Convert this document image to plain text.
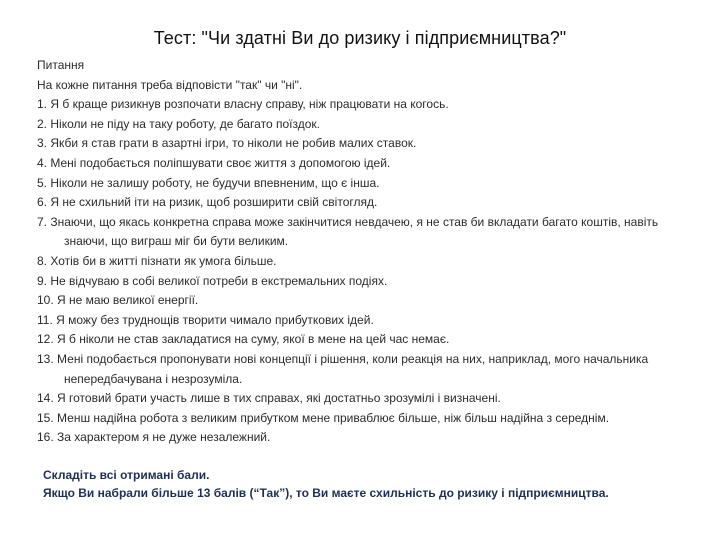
Тест: "Чи здатні Ви до ризику і підприємництва?"
Питання
На кожне питання треба відповісти "так" чи "ні".
1. Я б краще ризикнув розпочати власну справу, ніж працювати на когось.
2. Ніколи не піду на таку роботу, де багато поїздок.
3. Якби я став грати в азартні ігри, то ніколи не робив малих ставок.
4. Мені подобається поліпшувати своє життя з допомогою ідей.
5. Ніколи не залишу роботу, не будучи впевненим, що є інша.
6. Я не схильний іти на ризик, щоб розширити свій світогляд.
7. Знаючи, що якась конкретна справа може закінчитися невдачею, я не став би вкладати багато коштів, навіть знаючи, що виграш міг би бути великим.
8. Хотів би в житті пізнати як умога більше.
9. Не відчуваю в собі великої потреби в екстремальних подіях.
10. Я не маю великої енергії.
11. Я можу без труднощів творити чимало прибуткових ідей.
12. Я б ніколи не став закладатися на суму, якої в мене на цей час немає.
13. Мені подобається пропонувати нові концепції і рішення, коли реакція на них, наприклад, мого начальника непередбачувана і незрозуміла.
14. Я готовий брати участь лише в тих справах, які достатньо зрозумілі і визначені.
15. Менш надійна робота з великим прибутком мене приваблює більше, ніж більш надійна з середнім.
16. За характером я не дуже незалежний.
Складіть всі отримані бали.
Якщо Ви набрали більше 13 балів (“Так”), то Ви маєте схильність до ризику і підприємництва.
